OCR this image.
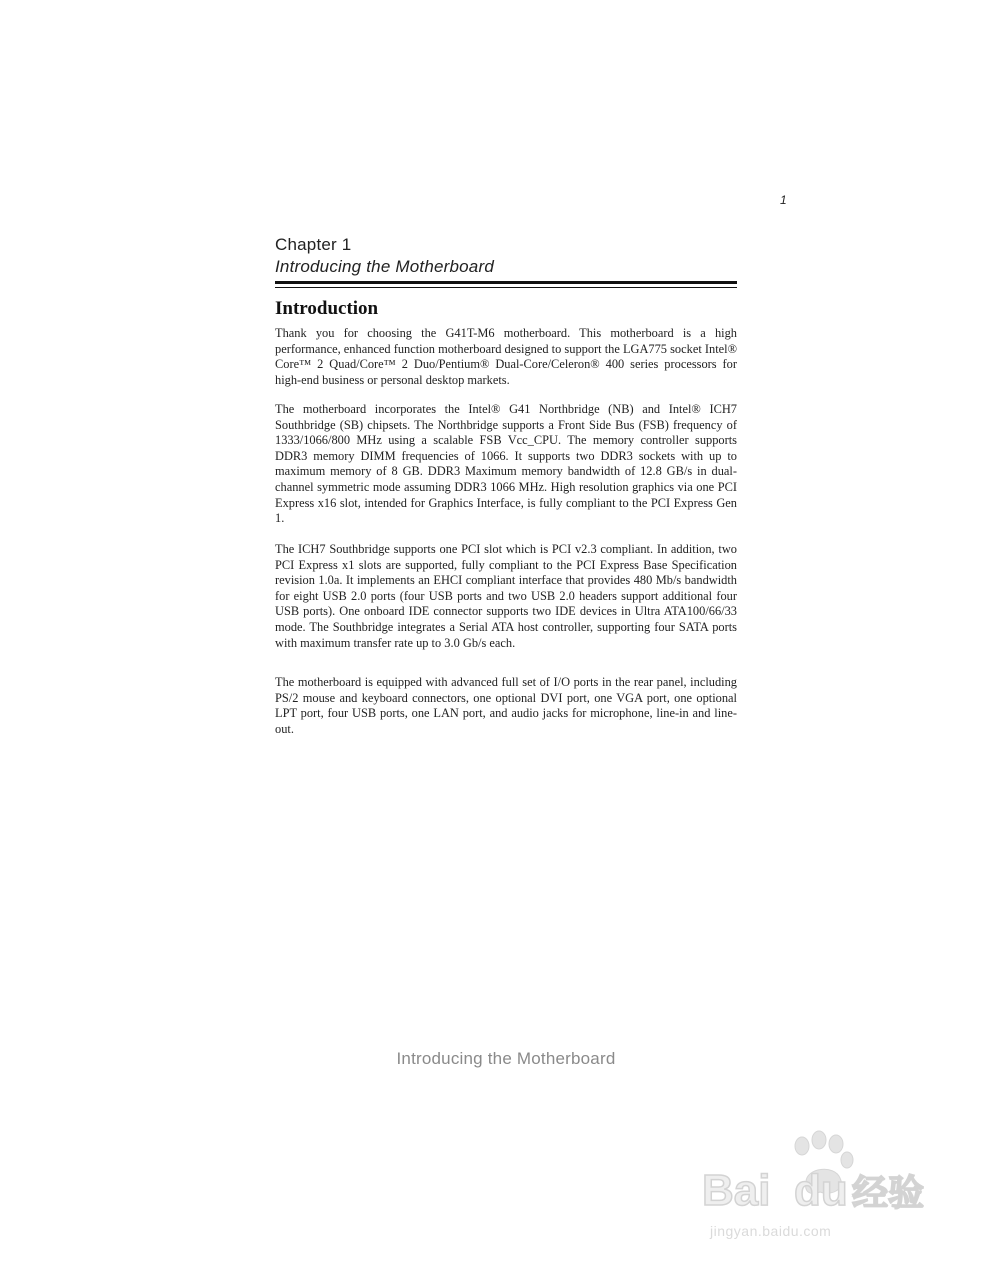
1
Chapter 1
Introducing the Motherboard
Introduction

Thank you for choosing the G41T-M6 motherboard. This motherboard is a high performance, enhanced function motherboard designed to support the LGA775 socket Intel® Core™ 2 Quad/Core™ 2 Duo/Pentium® Dual-Core/Celeron® 400 series processors for high-end business or personal desktop markets.

The motherboard incorporates the Intel® G41 Northbridge (NB) and Intel® ICH7 Southbridge (SB) chipsets. The Northbridge supports a Front Side Bus (FSB) frequency of 1333/1066/800 MHz using a scalable FSB Vcc_CPU. The memory controller supports DDR3 memory DIMM frequencies of 1066. It supports two DDR3 sockets with up to maximum memory of 8 GB. DDR3 Maximum memory bandwidth of 12.8 GB/s in dual-channel symmetric mode assuming DDR3 1066 MHz. High resolution graphics via one PCI Express x16 slot, intended for Graphics Interface, is fully compliant to the PCI Express Gen 1.

The ICH7 Southbridge supports one PCI slot which is PCI v2.3 compliant. In addition, two PCI Express x1 slots are supported, fully compliant to the PCI Express Base Specification revision 1.0a. It implements an EHCI compliant interface that provides 480 Mb/s bandwidth for eight USB 2.0 ports (four USB ports and two USB 2.0 headers support additional four USB ports). One onboard IDE connector supports two IDE devices in Ultra ATA100/66/33 mode. The Southbridge integrates a Serial ATA host controller, supporting four SATA ports with maximum transfer rate up to 3.0 Gb/s each.

The motherboard is equipped with advanced full set of I/O ports in the rear panel, including PS/2 mouse and keyboard connectors, one optional DVI port, one VGA port, one optional LPT port, four USB ports, one LAN port, and audio jacks for microphone, line-in and line-out.

Introducing the Motherboard
Bai du 经验
jingyan.baidu.com
